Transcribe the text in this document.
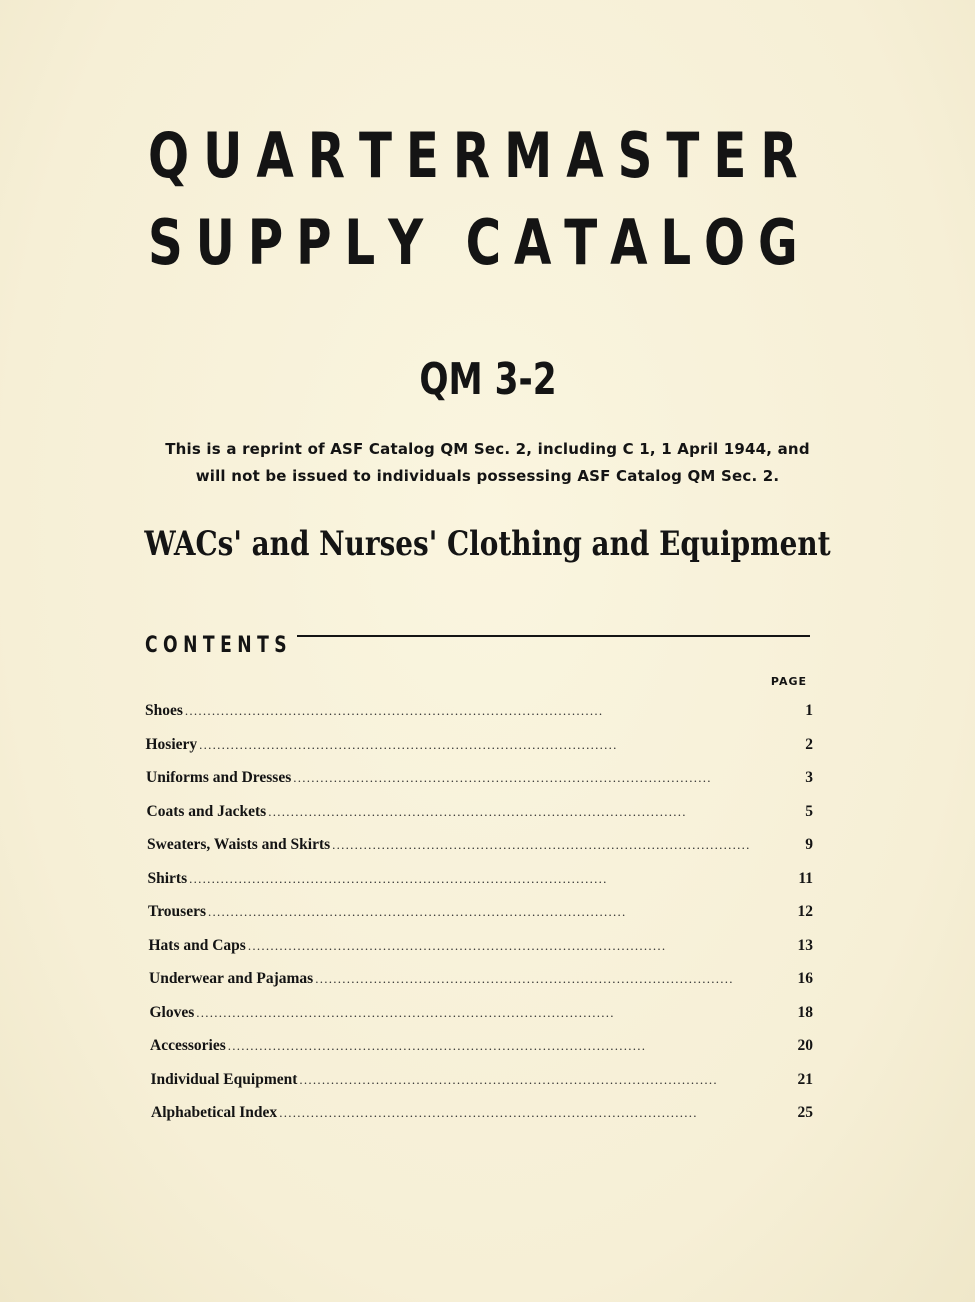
Q U A R T E R M A S T E R
S U P P L Y
C A T A L O G
QM 3-2
This is a reprint of ASF Catalog QM Sec. 2, including C 1, 1 April 1944, and
will not be issued to individuals possessing ASF Catalog QM Sec. 2.
WACs' and Nurses' Clothing and Equipment
CONTENTS
PAGE
Shoes . . .	1
Hosiery . . .	2
Uniforms and Dresses . . .	3
Coats and Jackets . . .	5
Sweaters, Waists and Skirts . . .	9
Shirts . . .	11
Trousers . . .	12
Hats and Caps . . .	13
Underwear and Pajamas . . .	16
Gloves . . .	18
Accessories . . .	20
Individual Equipment . . .	21
Alphabetical Index . . .	25
